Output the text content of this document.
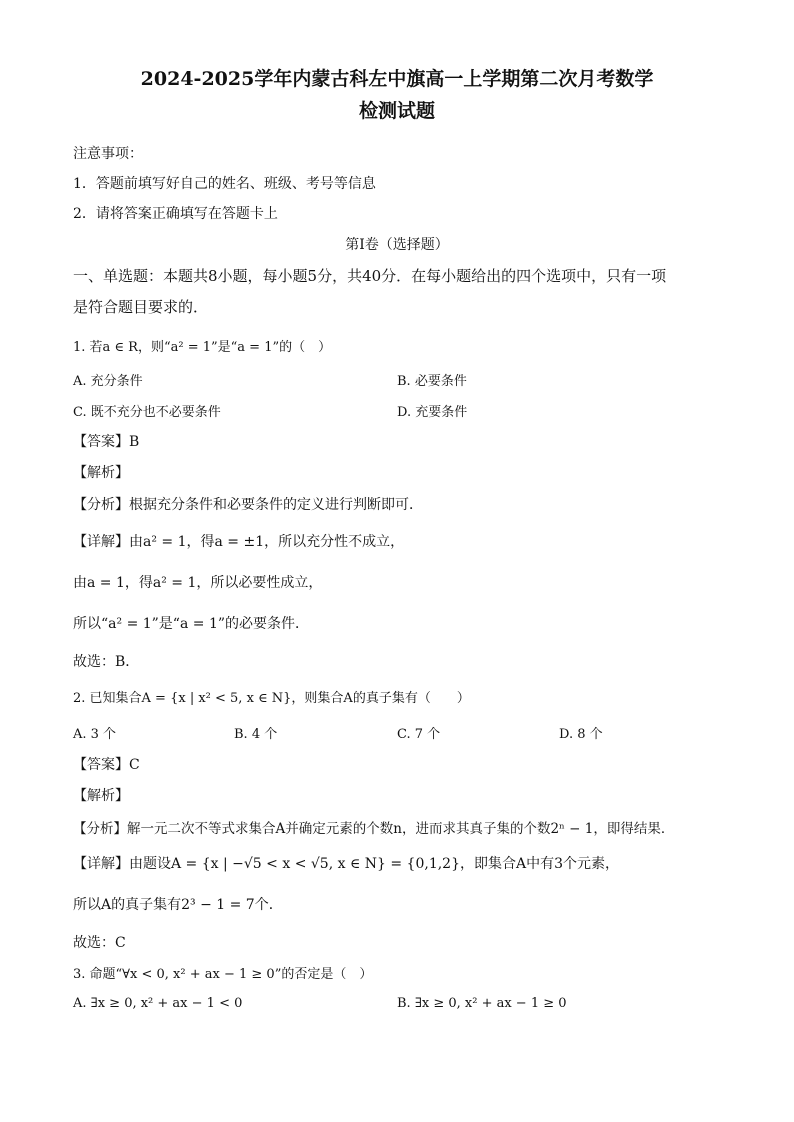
2024-2025学年内蒙古科左中旗高一上学期第二次月考数学
检测试题
注意事项：
1．答题前填写好自己的姓名、班级、考号等信息
2．请将答案正确填写在答题卡上
第I卷（选择题）
一、单选题：本题共8小题，每小题5分，共40分．在每小题给出的四个选项中，只有一项
是符合题目要求的．
1. 若a ∈ R，则“a² = 1”是“a = 1”的（　）
A. 充分条件	B. 必要条件
C. 既不充分也不必要条件	D. 充要条件
【答案】B
【解析】
【分析】根据充分条件和必要条件的定义进行判断即可．
【详解】由a² = 1，得a = ±1，所以充分性不成立，
由a = 1，得a² = 1，所以必要性成立，
所以“a² = 1”是“a = 1”的必要条件．
故选：B．
2. 已知集合A = {x | x² < 5, x ∈ N}，则集合A的真子集有（　　）
A. 3 个	B. 4 个	C. 7 个	D. 8 个
【答案】C
【解析】
【分析】解一元二次不等式求集合A并确定元素的个数n，进而求其真子集的个数2ⁿ − 1，即得结果．
【详解】由题设A = {x | −√5 < x < √5, x ∈ N} = {0,1,2}，即集合A中有3个元素，
所以A的真子集有2³ − 1 = 7个．
故选：C
3. 命题“∀x < 0, x² + ax − 1 ≥ 0”的否定是（　）
A. ∃x ≥ 0, x² + ax − 1 < 0	B. ∃x ≥ 0, x² + ax − 1 ≥ 0
